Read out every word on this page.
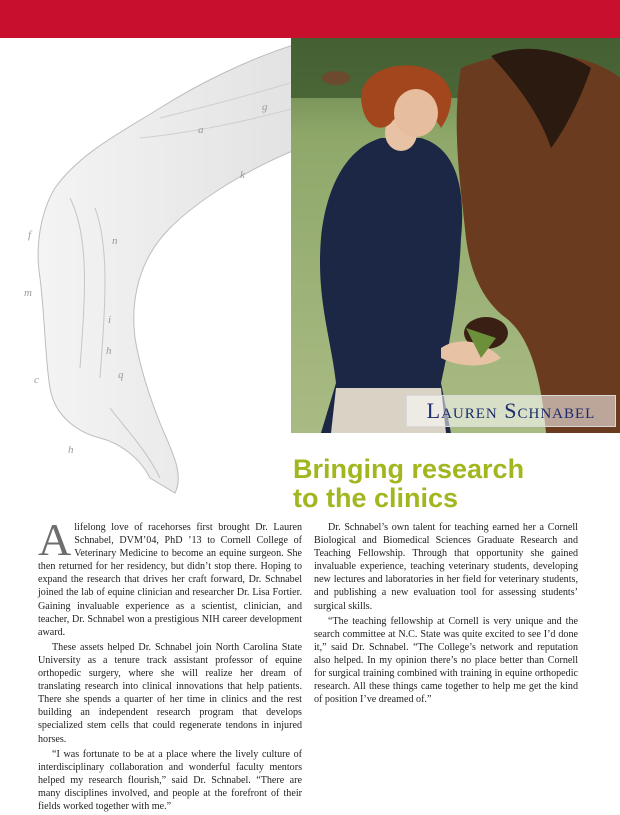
g
a
k
f	n
i
h
m
c	q
h
Lauren Schnabel
Bringing research
to the clinics

Alifelong love of racehorses first brought Dr. Lauren Schnabel, DVM’04, PhD ’13 to Cornell College of Veterinary Medicine to become an equine surgeon. She then returned for her residency, but didn’t stop there. Hoping to expand the research that drives her craft forward, Dr. Schnabel joined the lab of equine clinician and researcher Dr. Lisa Fortier. Gaining invaluable experience as a scientist, clinician, and teacher, Dr. Schnabel won a prestigious NIH career development award.

These assets helped Dr. Schnabel join North Carolina State University as a tenure track assistant professor of equine orthopedic surgery, where she will realize her dream of translating research into clinical innovations that help patients. There she spends a quarter of her time in clinics and the rest building an independent research program that develops specialized stem cells that could regenerate tendons in injured horses.

“I was fortunate to be at a place where the lively culture of interdisciplinary collaboration and wonderful faculty mentors helped my research flourish,” said Dr. Schnabel. “There are many disciplines involved, and people at the forefront of their fields worked together with me.”

Dr. Schnabel’s own talent for teaching earned her a Cornell Biological and Biomedical Sciences Graduate Research and Teaching Fellowship. Through that opportunity she gained invaluable experience, teaching veterinary students, developing new lectures and laboratories in her field for veterinary students, and publishing a new evaluation tool for assessing students’ surgical skills.

“The teaching fellowship at Cornell is very unique and the search committee at N.C. State was quite excited to see I’d done it,” said Dr. Schnabel. “The College’s network and reputation also helped. In my opinion there’s no place better than Cornell for surgical training combined with training in equine orthopedic research. All these things came together to help me get the kind of position I’ve dreamed of.”
